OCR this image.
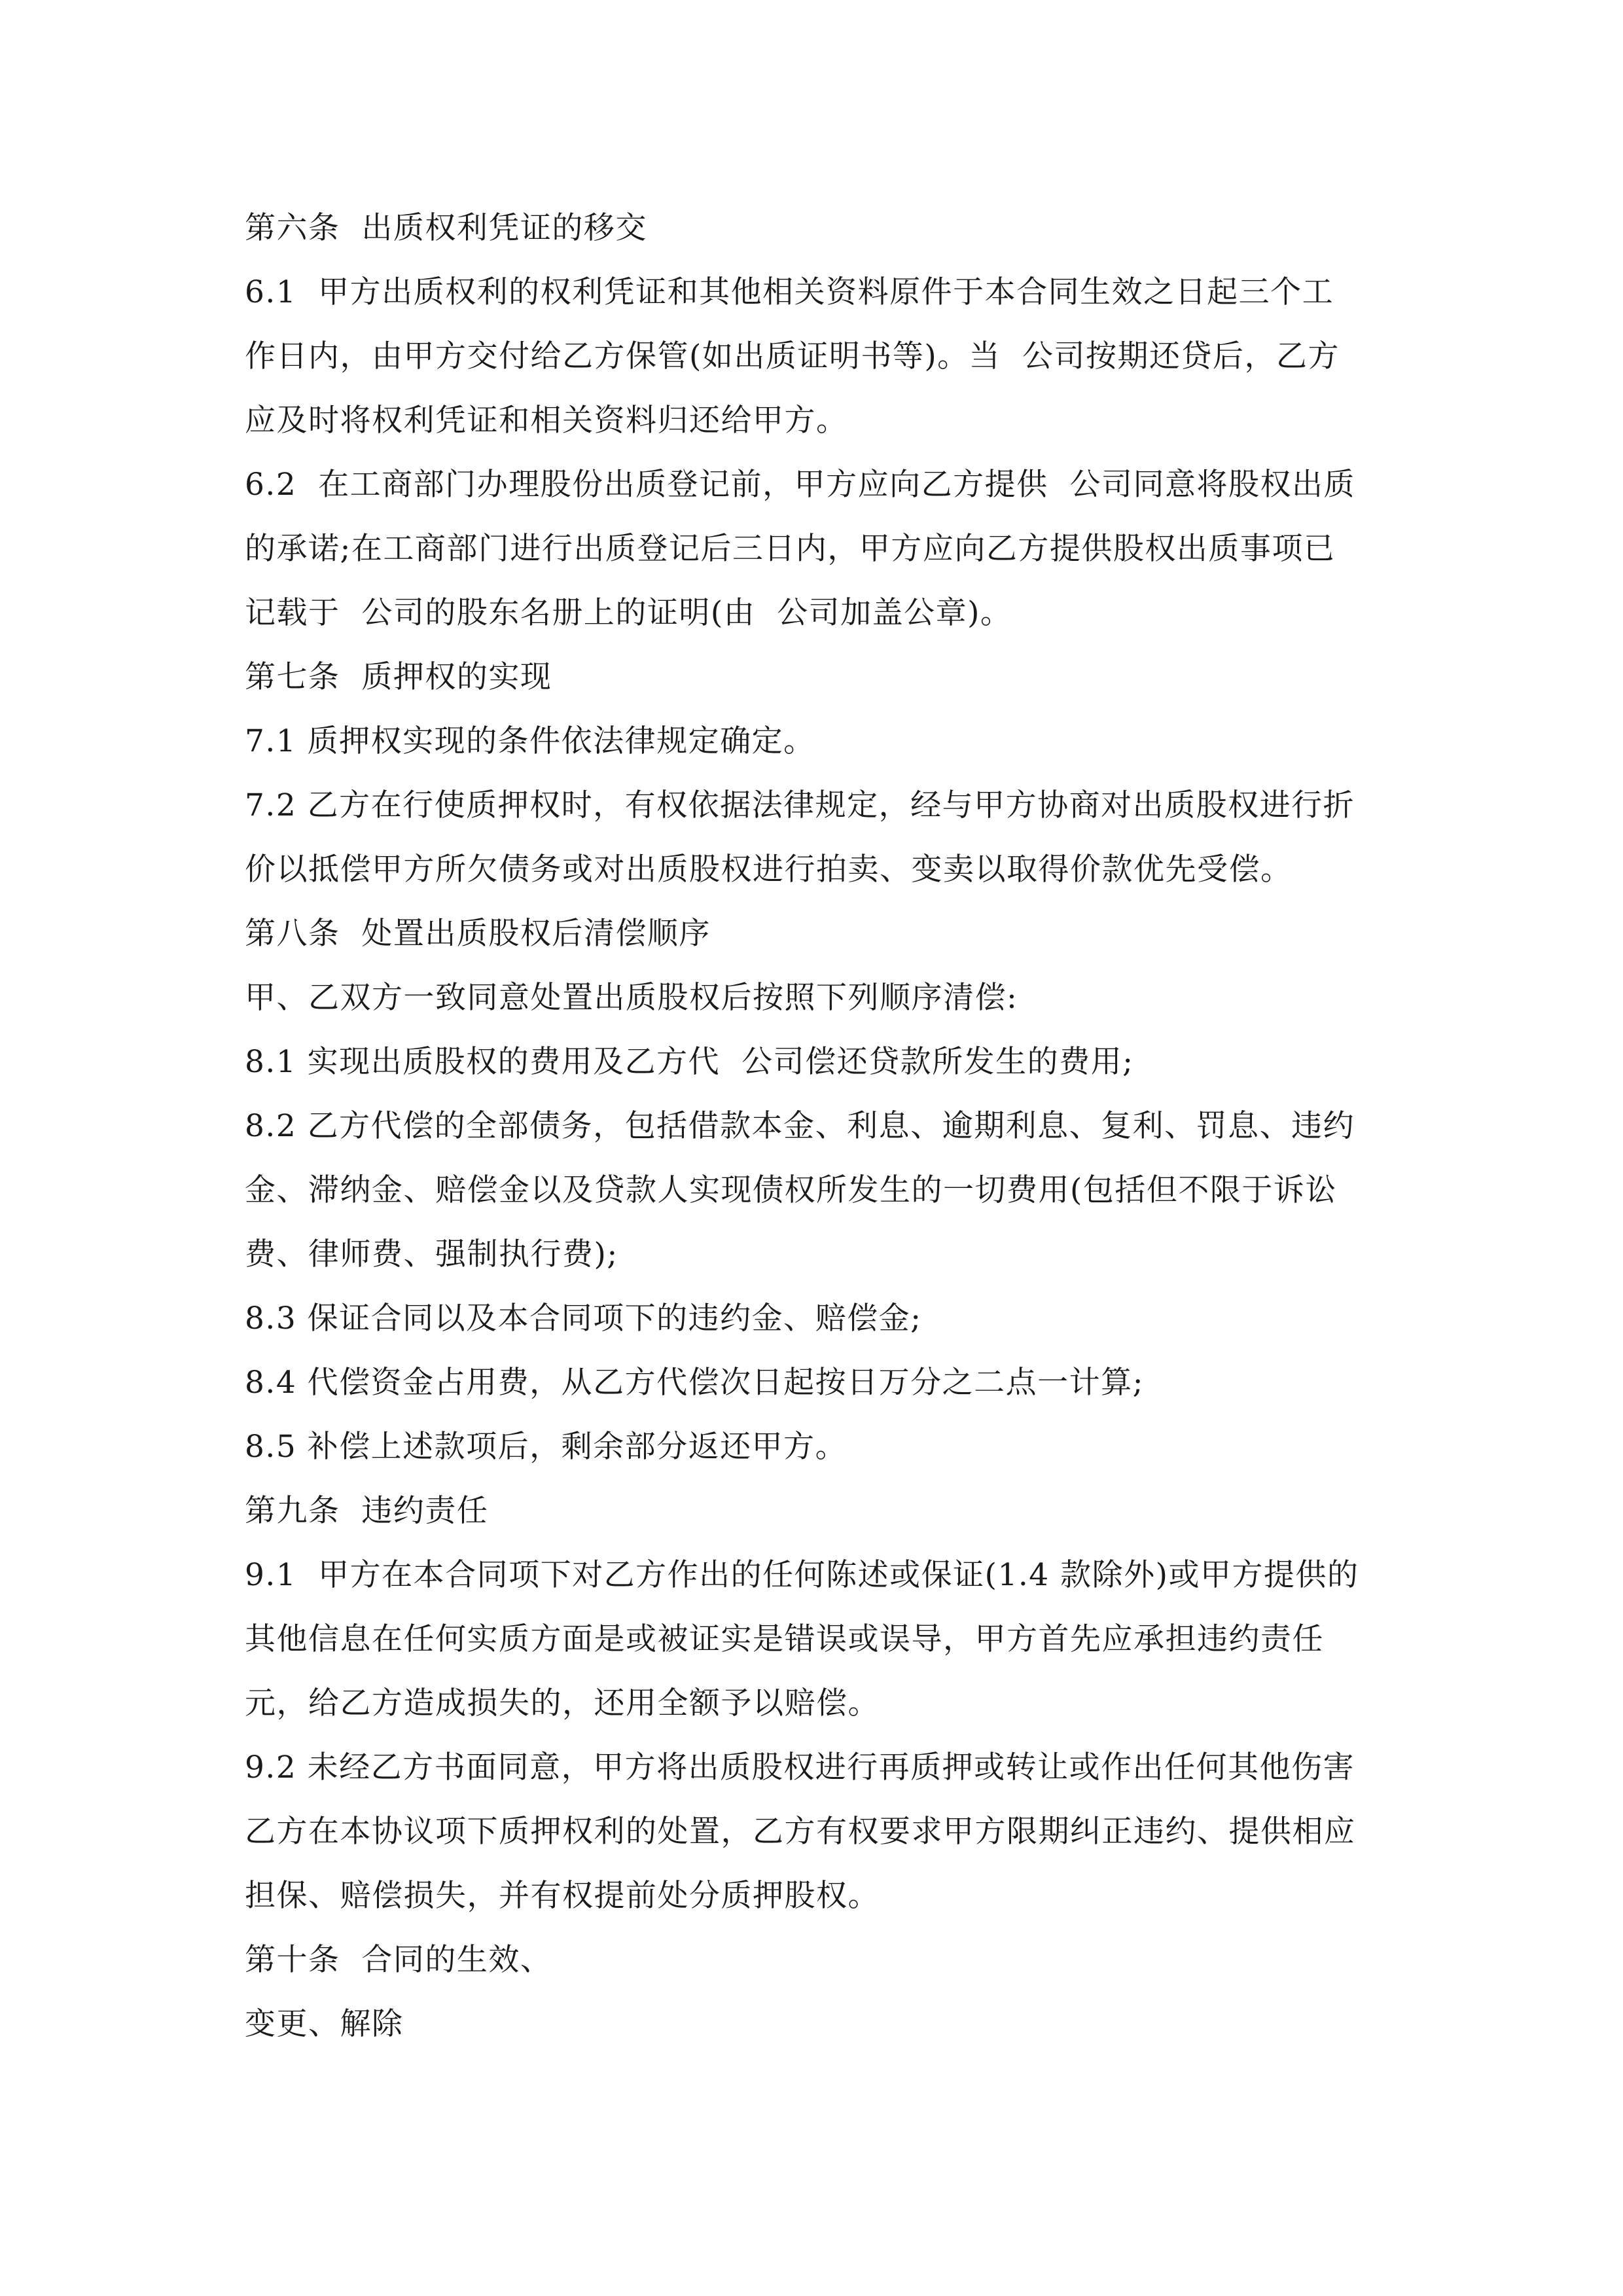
第六条  出质权利凭证的移交
6.1  甲方出质权利的权利凭证和其他相关资料原件于本合同生效之日起三个工
作日内，由甲方交付给乙方保管(如出质证明书等)。当  公司按期还贷后，乙方
应及时将权利凭证和相关资料归还给甲方。
6.2  在工商部门办理股份出质登记前，甲方应向乙方提供  公司同意将股权出质
的承诺;在工商部门进行出质登记后三日内，甲方应向乙方提供股权出质事项已
记载于  公司的股东名册上的证明(由  公司加盖公章)。
第七条  质押权的实现
7.1 质押权实现的条件依法律规定确定。
7.2 乙方在行使质押权时，有权依据法律规定，经与甲方协商对出质股权进行折
价以抵偿甲方所欠债务或对出质股权进行拍卖、变卖以取得价款优先受偿。
第八条  处置出质股权后清偿顺序
甲、乙双方一致同意处置出质股权后按照下列顺序清偿:
8.1 实现出质股权的费用及乙方代  公司偿还贷款所发生的费用;
8.2 乙方代偿的全部债务，包括借款本金、利息、逾期利息、复利、罚息、违约
金、滞纳金、赔偿金以及贷款人实现债权所发生的一切费用(包括但不限于诉讼
费、律师费、强制执行费);
8.3 保证合同以及本合同项下的违约金、赔偿金;
8.4 代偿资金占用费，从乙方代偿次日起按日万分之二点一计算;
8.5 补偿上述款项后，剩余部分返还甲方。
第九条  违约责任
9.1  甲方在本合同项下对乙方作出的任何陈述或保证(1.4 款除外)或甲方提供的
其他信息在任何实质方面是或被证实是错误或误导，甲方首先应承担违约责任
元，给乙方造成损失的，还用全额予以赔偿。
9.2 未经乙方书面同意，甲方将出质股权进行再质押或转让或作出任何其他伤害
乙方在本协议项下质押权利的处置，乙方有权要求甲方限期纠正违约、提供相应
担保、赔偿损失，并有权提前处分质押股权。
第十条  合同的生效、
变更、解除
